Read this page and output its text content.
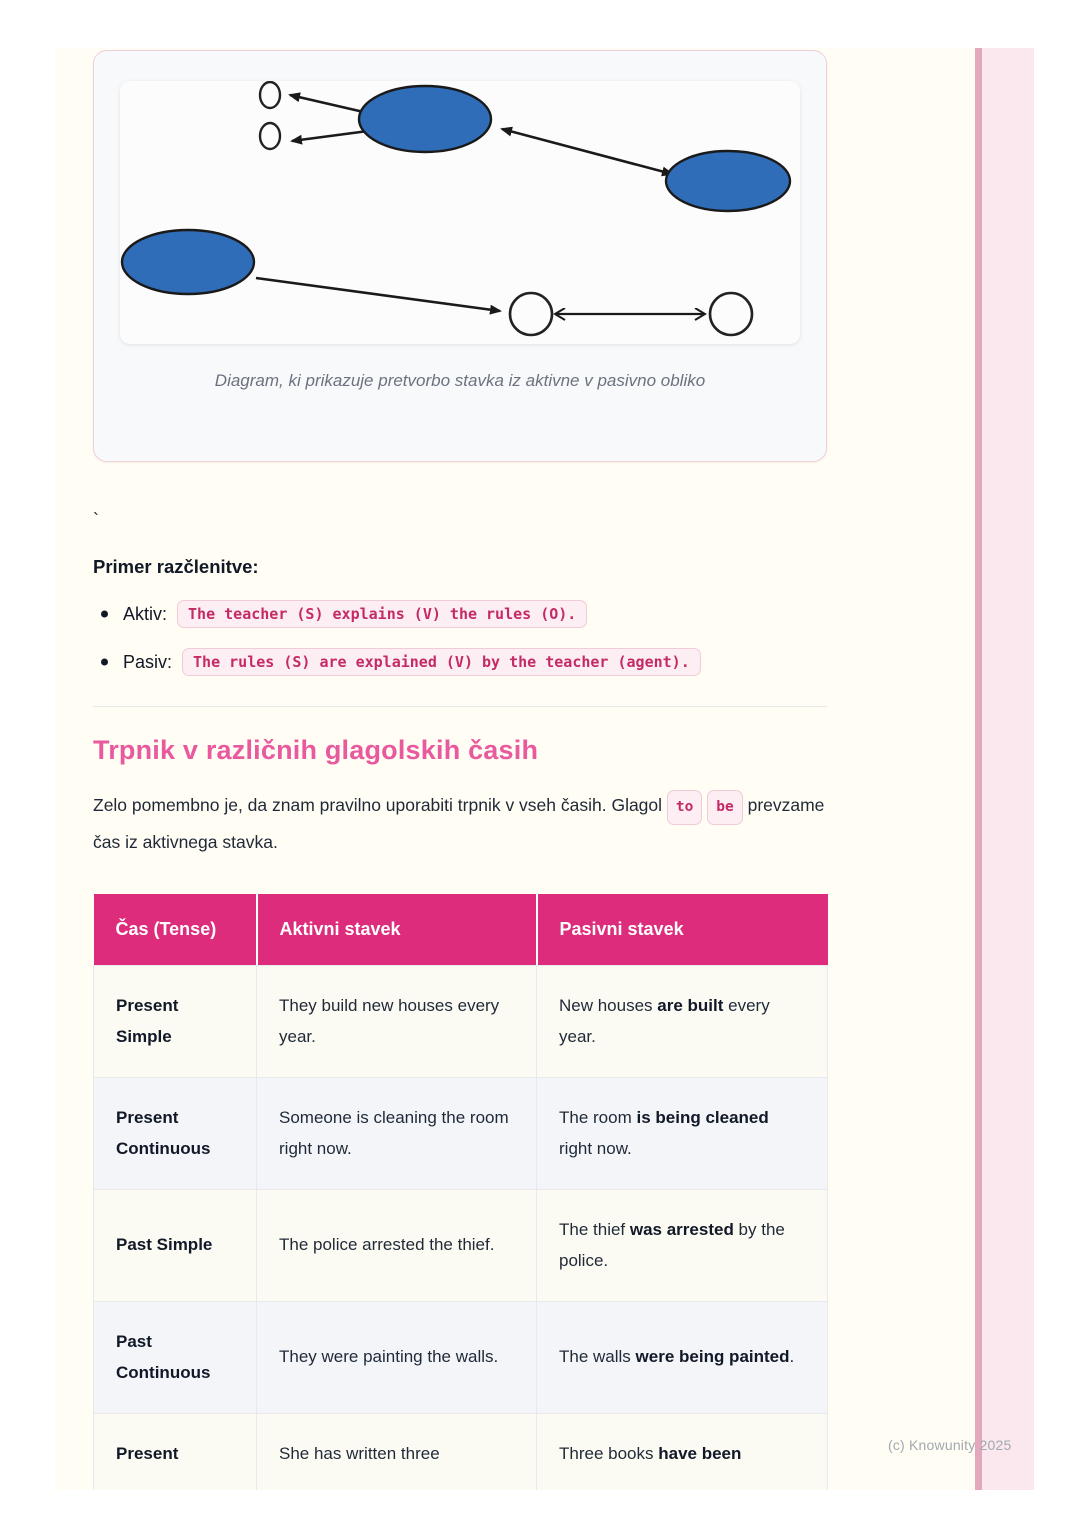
Diagram, ki prikazuje pretvorbo stavka iz aktivne v pasivno obliko
`

Primer razčlenitve:

Aktiv:	The teacher (S) explains (V) the rules (O).
Pasiv:	The rules (S) are explained (V) by the teacher (agent).
Trpnik v različnih glagolskih časih

Zelo pomembno je, da znam pravilno uporabiti trpnik v vseh časih. Glagol to be prevzame čas iz aktivnega stavka.

Čas (Tense)	Aktivni stavek	Pasivni stavek
Present Simple	They build new houses every year.	New houses are built every year.
Present Continuous	Someone is cleaning the room right now.	The room is being cleaned right now.
Past Simple	The police arrested the thief.	The thief was arrested by the police.
Past Continuous	They were painting the walls.	The walls were being painted.
Present	She has written three	Three books have been	(c) Knowunity 2025
